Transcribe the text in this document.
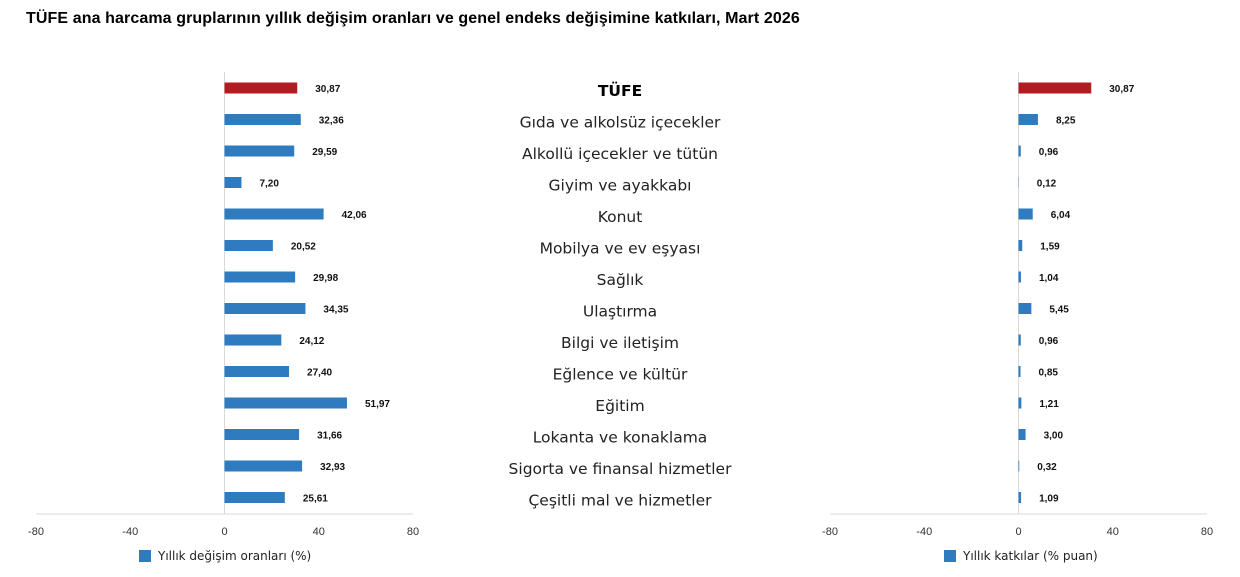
TÜFE ana harcama gruplarının yıllık değişim oranları ve genel endeks değişimine katkıları, Mart 2026
-80	-40	0	40	80
30,87
32,36
29,59
7,20
42,06
20,52
29,98
34,35
24,12
27,40
51,97
31,66
32,93
25,61
Yıllık değişim oranları (%)
TÜFE
Gıda ve alkolsüz içecekler
Alkollü içecekler ve tütün
Giyim ve ayakkabı
Konut
Mobilya ve ev eşyası
Sağlık
Ulaştırma
Bilgi ve iletişim
Eğlence ve kültür
Eğitim
Lokanta ve konaklama
Sigorta ve finansal hizmetler
Çeşitli mal ve hizmetler
-80	-40	0	40	80
30,87
8,25
0,96
0,12
6,04
1,59
1,04
5,45
0,96
0,85
1,21
3,00
0,32
1,09
Yıllık katkılar (% puan)
